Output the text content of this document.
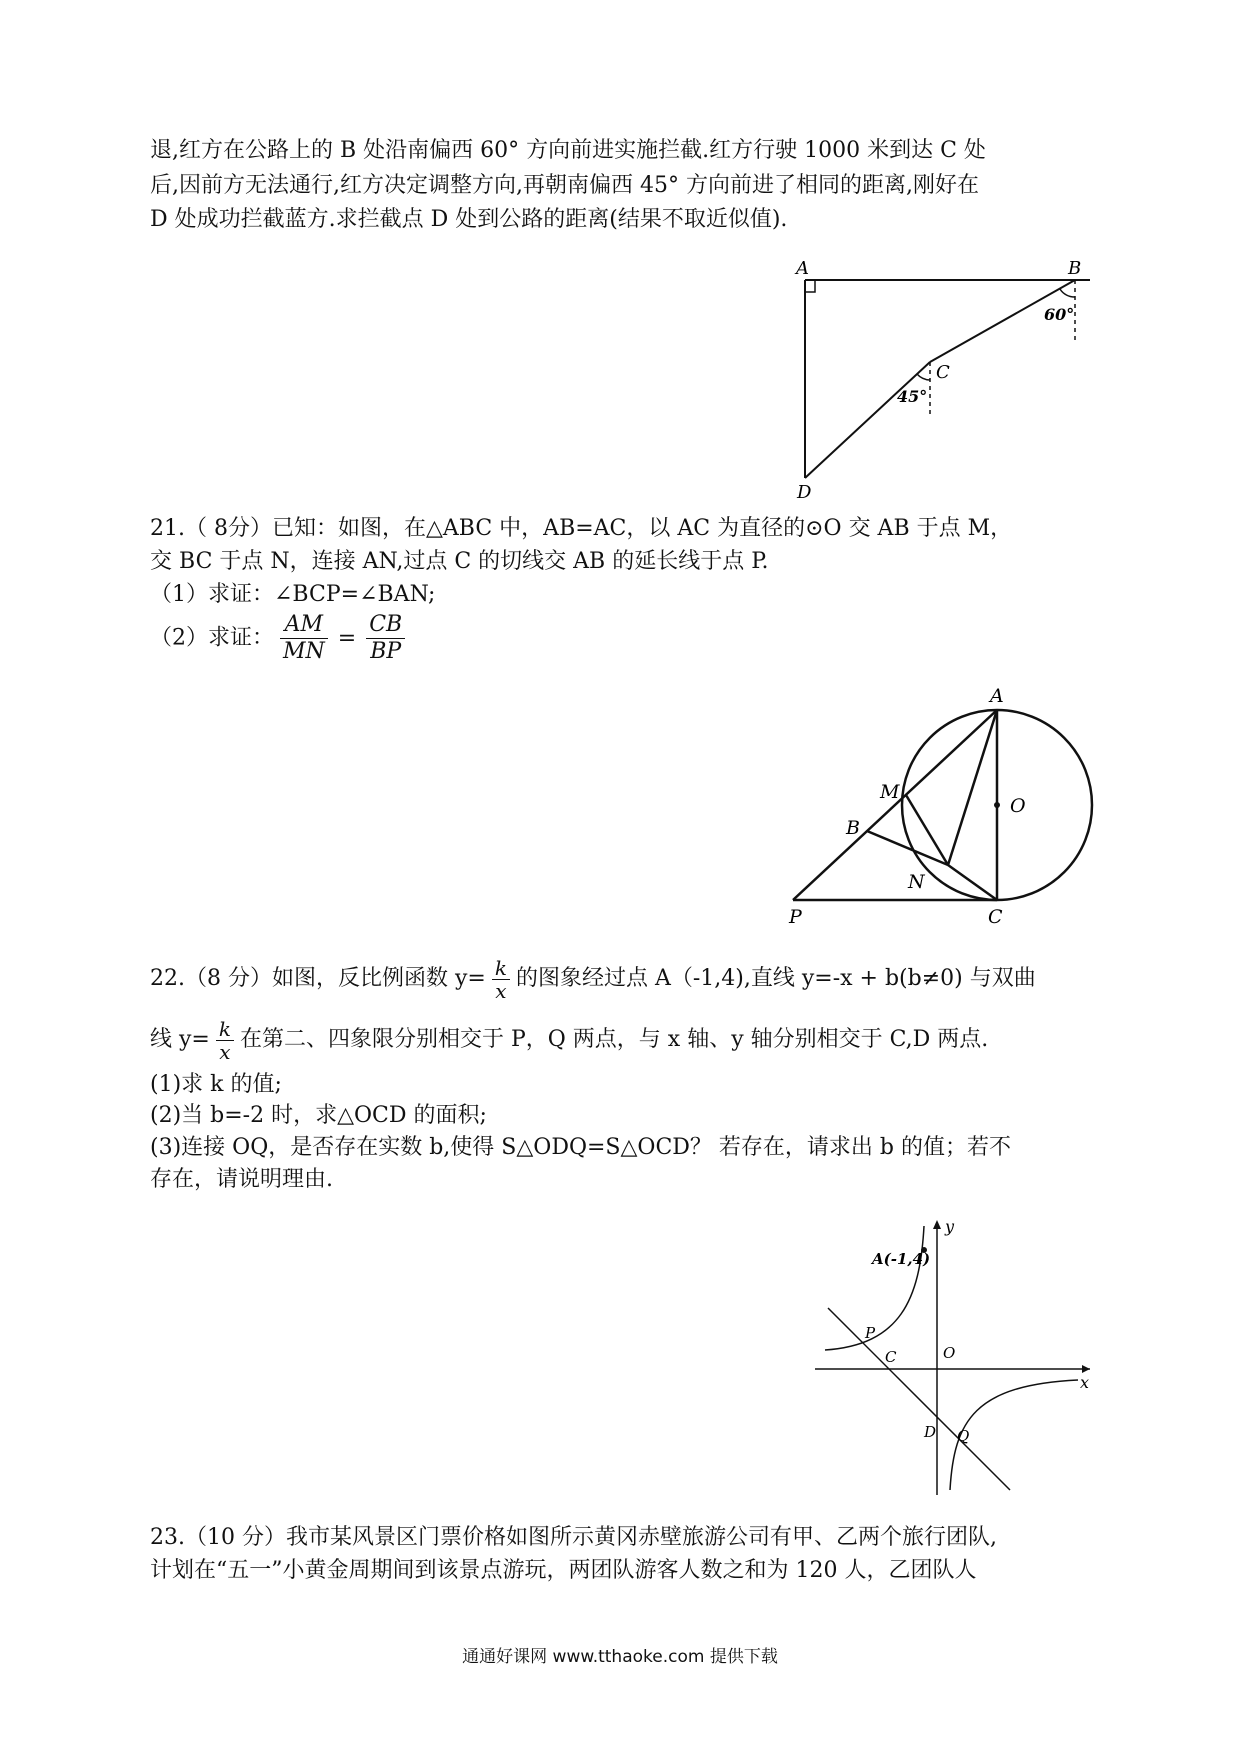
退,红方在公路上的 B 处沿南偏西 60° 方向前进实施拦截.红方行驶 1000 米到达 C 处
后,因前方无法通行,红方决定调整方向,再朝南偏西 45° 方向前进了相同的距离,刚好在
D 处成功拦截蓝方.求拦截点 D 处到公路的距离(结果不取近似值).
A	B
C
D
60°
45°
21.（ 8分）已知：如图，在△ABC 中，AB=AC，以 AC 为直径的⊙O 交 AB 于点 M，
交 BC 于点 N，连接 AN,过点 C 的切线交 AB 的延长线于点 P.
（1）求证：∠BCP=∠BAN;
（2）求证： $\frac{AM}{MN} = \frac{CB}{BP}$
A
O
M
B
N
P	C
22.（8 分）如图，反比例函数 $y= \frac{k}{x}$ 的图象经过点 A（-1,4),直线 y=-x + b(b≠0) 与双曲
线 $y= \frac{k}{x}$ 在第二、四象限分别相交于 P，Q 两点，与 x 轴、y 轴分别相交于 C,D 两点.
(1)求 k 的值;
(2)当 b=-2 时，求△OCD 的面积;
(3)连接 OQ，是否存在实数 b,使得 S△ODQ=S△OCD？ 若存在，请求出 b 的值；若不
存在，请说明理由.
A(-1,4)
y
x
P
C	O
D Q
23.（10 分）我市某风景区门票价格如图所示黄冈赤壁旅游公司有甲、乙两个旅行团队,
计划在“五一”小黄金周期间到该景点游玩，两团队游客人数之和为 120 人，乙团队人
通通好课网 www.tthaoke.com 提供下载
